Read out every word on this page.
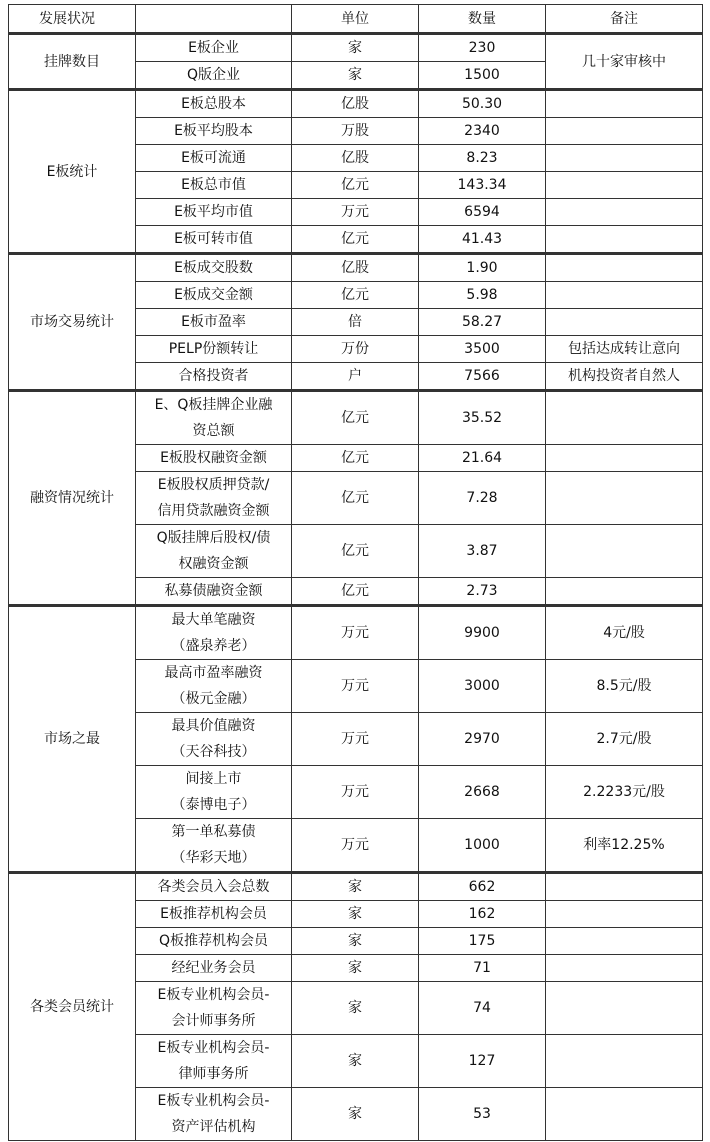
发展状况		单位	数量	备注
挂牌数目	E板企业	家	230	几十家审核中

	Q版企业	家	1500	
E板统计	E板总股本	亿股	50.30	

	E板平均股本	万股	2340	

	E板可流通	亿股	8.23	

	E板总市值	亿元	143.34	

	E板平均市值	万元	6594	

	E板可转市值	亿元	41.43	
市场交易统计	E板成交股数	亿股	1.90	

	E板成交金额	亿元	5.98	

	E板市盈率	倍	58.27	

	PELP份额转让	万份	3500	包括达成转让意向

	合格投资者	户	7566	机构投资者自然人

融资情况统计	E、Q板挂牌企业融
资总额	亿元	35.52	

	E板股权融资金额	亿元	21.64	

	E板股权质押贷款/
信用贷款融资金额	亿元	7.28	

	Q版挂牌后股权/债
权融资金额	亿元	3.87	

	私募债融资金额	亿元	2.73	
市场之最	最大单笔融资
（盛泉养老）	万元	9900	4元/股

	最高市盈率融资
（极元金融）	万元	3000	8.5元/股

	最具价值融资
（天谷科技）	万元	2970	2.7元/股

	间接上市
（泰博电子）	万元	2668	2.2233元/股

	第一单私募债
（华彩天地）	万元	1000	利率12.25%

各类会员统计	各类会员入会总数	家	662	

	E板推荐机构会员	家	162	

	Q板推荐机构会员	家	175	

	经纪业务会员	家	71	

	E板专业机构会员-
会计师事务所	家	74	

	E板专业机构会员-
律师事务所	家	127	

	E板专业机构会员-
资产评估机构	家	53	
